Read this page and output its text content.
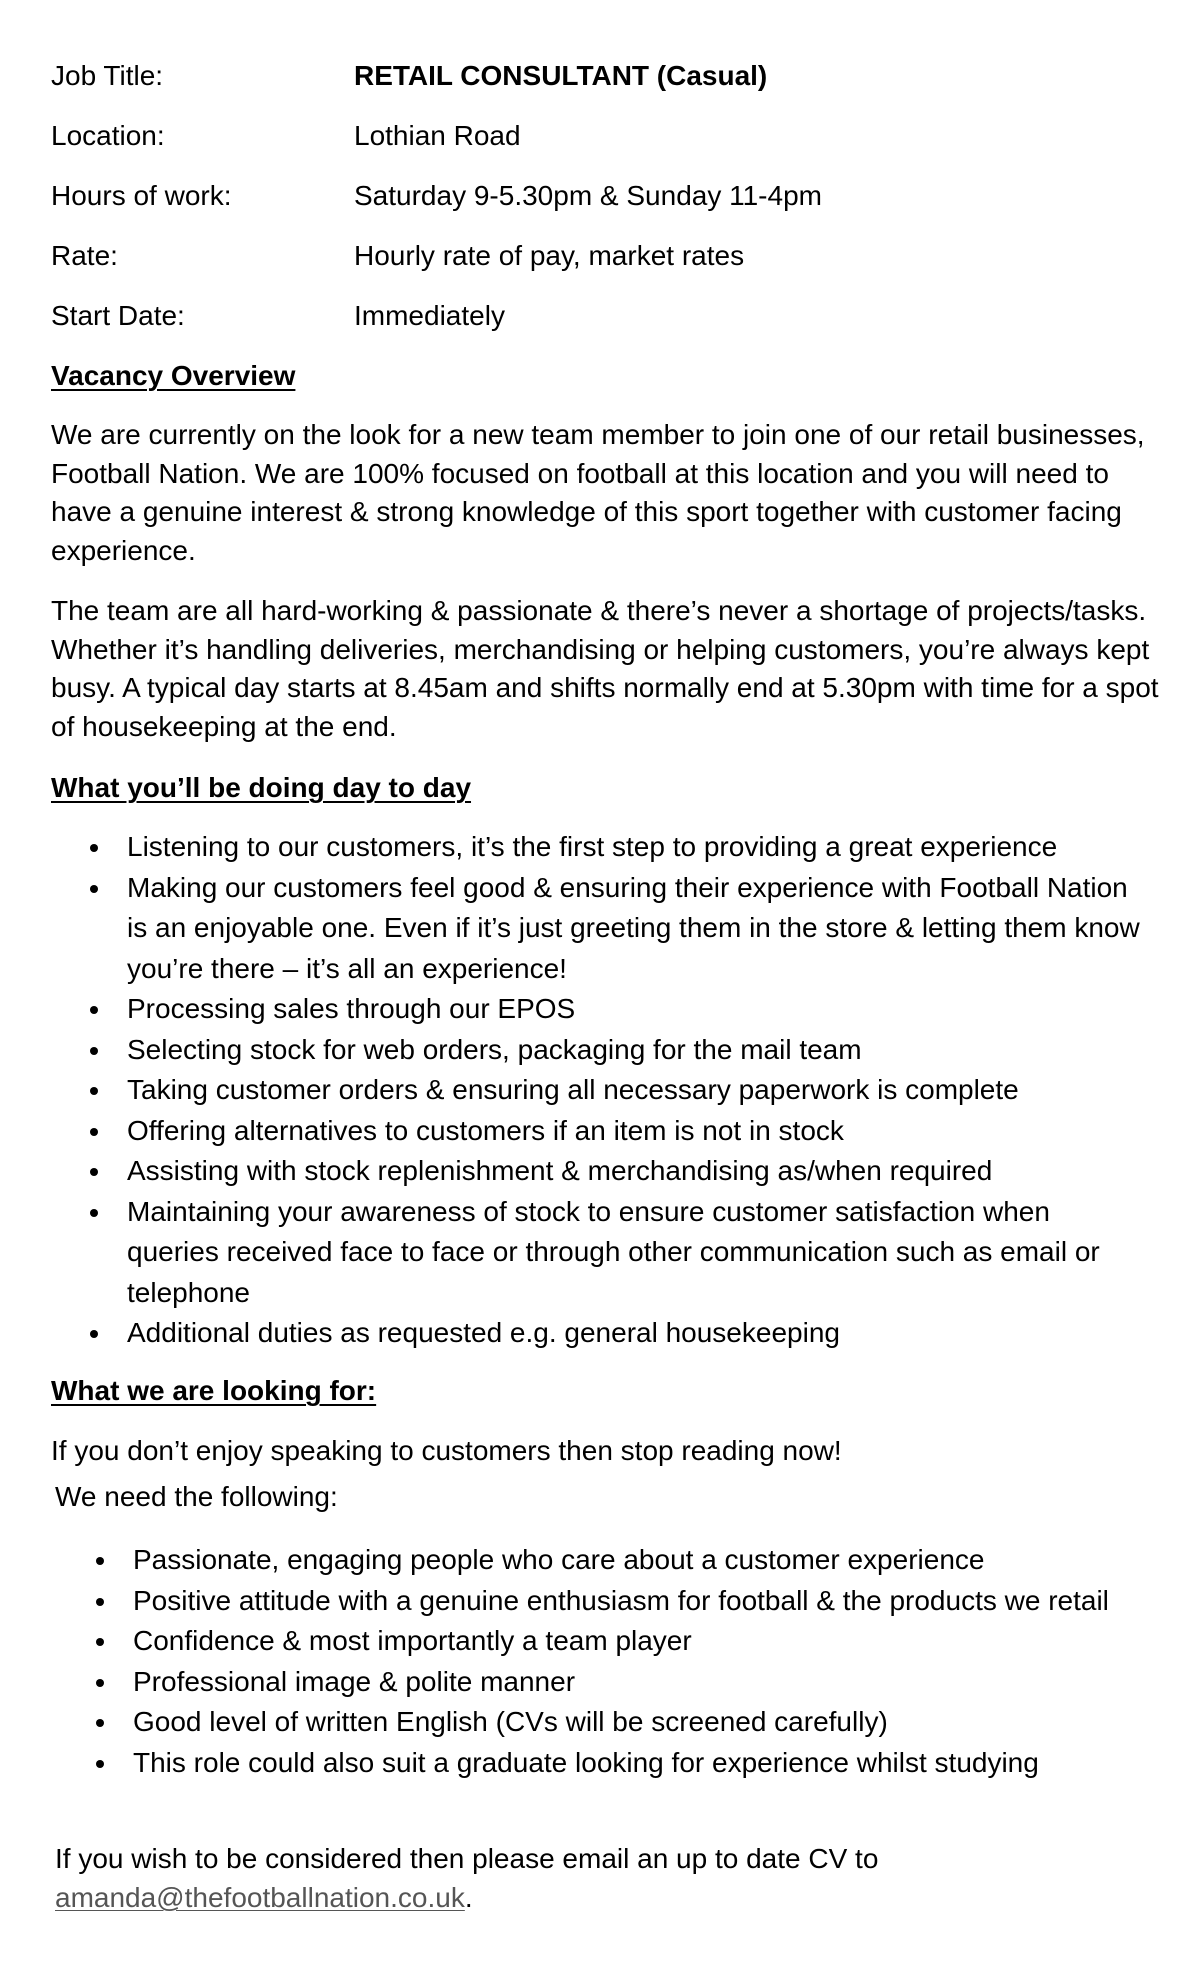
Job Title:	RETAIL CONSULTANT (Casual)
Location:	Lothian Road
Hours of work:	Saturday 9-5.30pm & Sunday 11-4pm
Rate:	Hourly rate of pay, market rates
Start Date:	Immediately
Vacancy Overview

We are currently on the look for a new team member to join one of our retail businesses, Football Nation. We are 100% focused on football at this location and you will need to have a genuine interest & strong knowledge of this sport together with customer facing experience.

The team are all hard-working & passionate & there’s never a shortage of projects/tasks. Whether it’s handling deliveries, merchandising or helping customers, you’re always kept busy. A typical day starts at 8.45am and shifts normally end at 5.30pm with time for a spot of housekeeping at the end.

What you’ll be doing day to day
Listening to our customers, it’s the first step to providing a great experience
Making our customers feel good & ensuring their experience with Football Nation is an enjoyable one. Even if it’s just greeting them in the store & letting them know you’re there – it’s all an experience!
Processing sales through our EPOS
Selecting stock for web orders, packaging for the mail team
Taking customer orders & ensuring all necessary paperwork is complete
Offering alternatives to customers if an item is not in stock
Assisting with stock replenishment & merchandising as/when required
Maintaining your awareness of stock to ensure customer satisfaction when queries received face to face or through other communication such as email or telephone
Additional duties as requested e.g. general housekeeping
What we are looking for:

If you don’t enjoy speaking to customers then stop reading now!

We need the following:

Passionate, engaging people who care about a customer experience
Positive attitude with a genuine enthusiasm for football & the products we retail
Confidence & most importantly a team player
Professional image & polite manner
Good level of written English (CVs will be screened carefully)
This role could also suit a graduate looking for experience whilst studying

If you wish to be considered then please email an up to date CV to
amanda@thefootballnation.co.uk.
